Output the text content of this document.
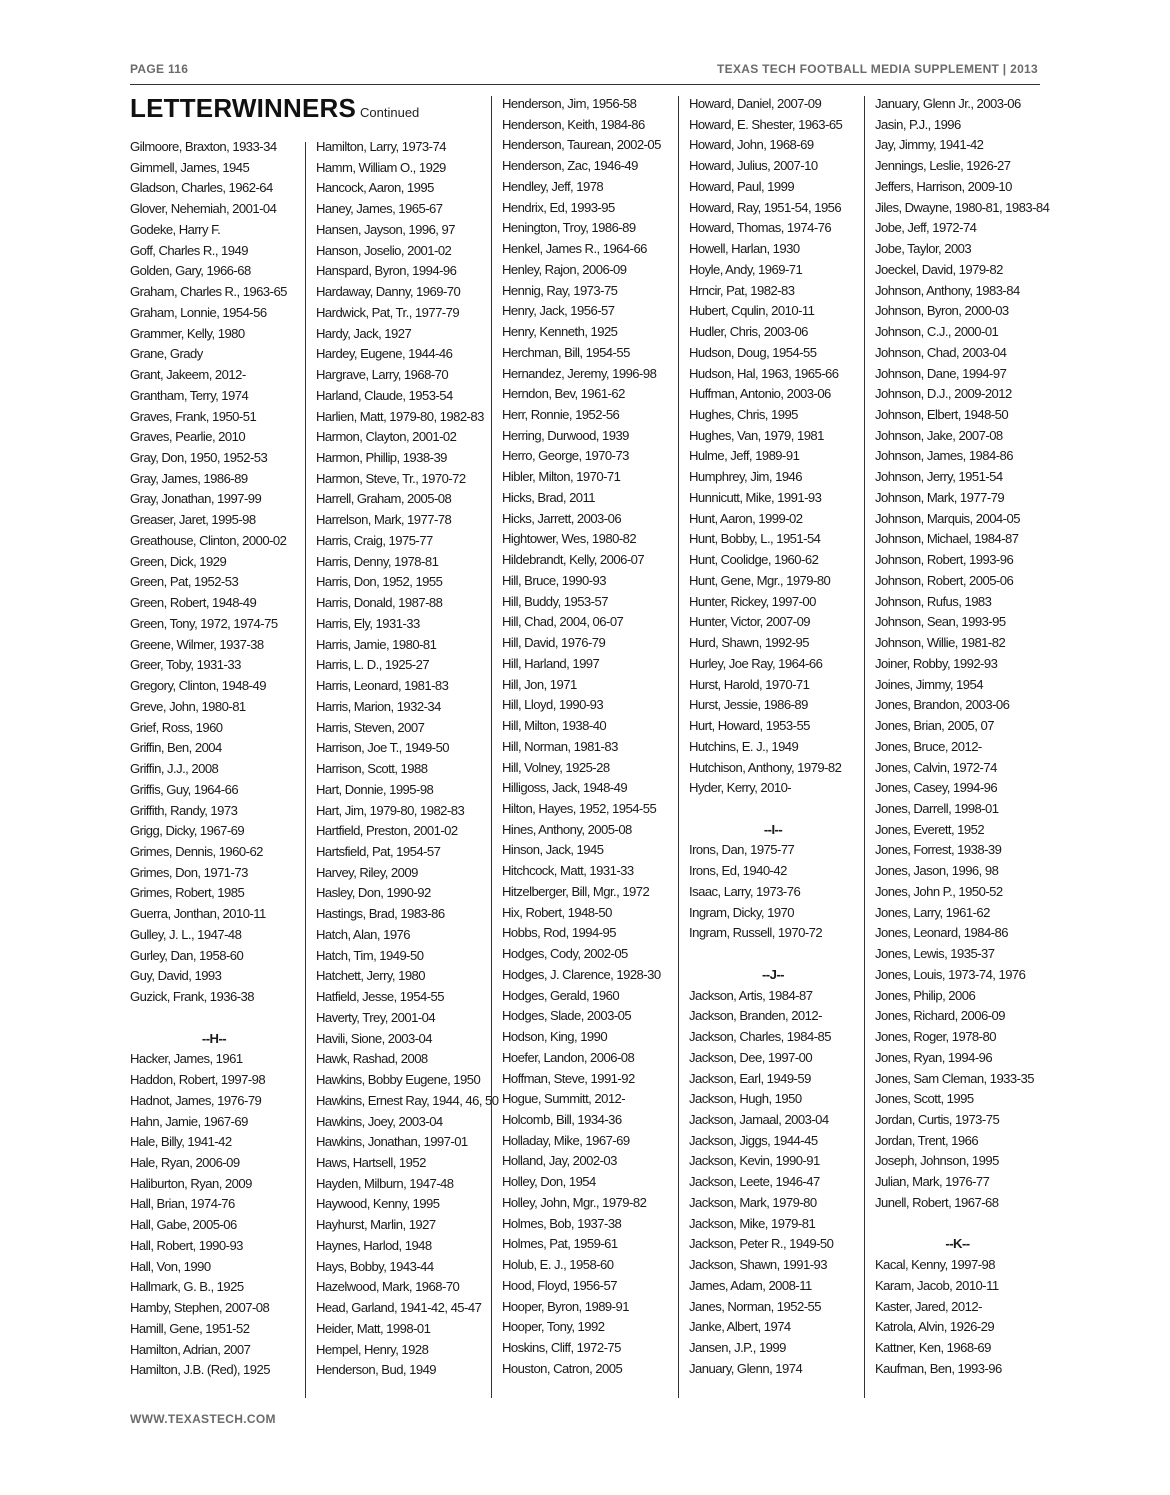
PAGE 116	TEXAS TECH FOOTBALL MEDIA SUPPLEMENT | 2013
LETTERWINNERS Continued
Gilmoore, Braxton, 1933-34
Gimmell, James, 1945
Gladson, Charles, 1962-64
Glover, Nehemiah, 2001-04
Godeke, Harry F.
Goff, Charles R., 1949
Golden, Gary, 1966-68
Graham, Charles R., 1963-65
Graham, Lonnie, 1954-56
Grammer, Kelly, 1980
Grane, Grady
Grant, Jakeem, 2012-
Grantham, Terry, 1974
Graves, Frank, 1950-51
Graves, Pearlie, 2010
Gray, Don, 1950, 1952-53
Gray, James, 1986-89
Gray, Jonathan, 1997-99
Greaser, Jaret, 1995-98
Greathouse, Clinton, 2000-02
Green, Dick, 1929
Green, Pat, 1952-53
Green, Robert, 1948-49
Green, Tony, 1972, 1974-75
Greene, Wilmer, 1937-38
Greer, Toby, 1931-33
Gregory, Clinton, 1948-49
Greve, John, 1980-81
Grief, Ross, 1960
Griffin, Ben, 2004
Griffin, J.J., 2008
Griffis, Guy, 1964-66
Griffith, Randy, 1973
Grigg, Dicky, 1967-69
Grimes, Dennis, 1960-62
Grimes, Don, 1971-73
Grimes, Robert, 1985
Guerra, Jonthan, 2010-11
Gulley, J. L., 1947-48
Gurley, Dan, 1958-60
Guy, David, 1993
Guzick, Frank, 1936-38
--H--
Hacker, James, 1961
Haddon, Robert, 1997-98
Hadnot, James, 1976-79
Hahn, Jamie, 1967-69
Hale, Billy, 1941-42
Hale, Ryan, 2006-09
Haliburton, Ryan, 2009
Hall, Brian, 1974-76
Hall, Gabe, 2005-06
Hall, Robert, 1990-93
Hall, Von, 1990
Hallmark, G. B., 1925
Hamby, Stephen, 2007-08
Hamill, Gene, 1951-52
Hamilton, Adrian, 2007
Hamilton, J.B. (Red), 1925
Hamilton, Larry, 1973-74
Hamm, William O., 1929
Hancock, Aaron, 1995
Haney, James, 1965-67
Hansen, Jayson, 1996, 97
Hanson, Joselio, 2001-02
Hanspard, Byron, 1994-96
Hardaway, Danny, 1969-70
Hardwick, Pat, Tr., 1977-79
Hardy, Jack, 1927
Hardey, Eugene, 1944-46
Hargrave, Larry, 1968-70
Harland, Claude, 1953-54
Harlien, Matt, 1979-80, 1982-83
Harmon, Clayton, 2001-02
Harmon, Phillip, 1938-39
Harmon, Steve, Tr., 1970-72
Harrell, Graham, 2005-08
Harrelson, Mark, 1977-78
Harris, Craig, 1975-77
Harris, Denny, 1978-81
Harris, Don, 1952, 1955
Harris, Donald, 1987-88
Harris, Ely, 1931-33
Harris, Jamie, 1980-81
Harris, L. D., 1925-27
Harris, Leonard, 1981-83
Harris, Marion, 1932-34
Harris, Steven, 2007
Harrison, Joe T., 1949-50
Harrison, Scott, 1988
Hart, Donnie, 1995-98
Hart, Jim, 1979-80, 1982-83
Hartfield, Preston, 2001-02
Hartsfield, Pat, 1954-57
Harvey, Riley, 2009
Hasley, Don, 1990-92
Hastings, Brad, 1983-86
Hatch, Alan, 1976
Hatch, Tim, 1949-50
Hatchett, Jerry, 1980
Hatfield, Jesse, 1954-55
Haverty, Trey, 2001-04
Havili, Sione, 2003-04
Hawk, Rashad, 2008
Hawkins, Bobby Eugene, 1950
Hawkins, Ernest Ray, 1944, 46, 50
Hawkins, Joey, 2003-04
Hawkins, Jonathan, 1997-01
Haws, Hartsell, 1952
Hayden, Milburn, 1947-48
Haywood, Kenny, 1995
Hayhurst, Marlin, 1927
Haynes, Harlod, 1948
Hays, Bobby, 1943-44
Hazelwood, Mark, 1968-70
Head, Garland, 1941-42, 45-47
Heider, Matt, 1998-01
Hempel, Henry, 1928
Henderson, Bud, 1949
Henderson, Jim, 1956-58
Henderson, Keith, 1984-86
Henderson, Taurean, 2002-05
Henderson, Zac, 1946-49
Hendley, Jeff, 1978
Hendrix, Ed, 1993-95
Henington, Troy, 1986-89
Henkel, James R., 1964-66
Henley, Rajon, 2006-09
Hennig, Ray, 1973-75
Henry, Jack, 1956-57
Henry, Kenneth, 1925
Herchman, Bill, 1954-55
Hernandez, Jeremy, 1996-98
Herndon, Bev, 1961-62
Herr, Ronnie, 1952-56
Herring, Durwood, 1939
Herro, George, 1970-73
Hibler, Milton, 1970-71
Hicks, Brad, 2011
Hicks, Jarrett, 2003-06
Hightower, Wes, 1980-82
Hildebrandt, Kelly, 2006-07
Hill, Bruce, 1990-93
Hill, Buddy, 1953-57
Hill, Chad, 2004, 06-07
Hill, David, 1976-79
Hill, Harland, 1997
Hill, Jon, 1971
Hill, Lloyd, 1990-93
Hill, Milton, 1938-40
Hill, Norman, 1981-83
Hill, Volney, 1925-28
Hilligoss, Jack, 1948-49
Hilton, Hayes, 1952, 1954-55
Hines, Anthony, 2005-08
Hinson, Jack, 1945
Hitchcock, Matt, 1931-33
Hitzelberger, Bill, Mgr., 1972
Hix, Robert, 1948-50
Hobbs, Rod, 1994-95
Hodges, Cody, 2002-05
Hodges, J. Clarence, 1928-30
Hodges, Gerald, 1960
Hodges, Slade, 2003-05
Hodson, King, 1990
Hoefer, Landon, 2006-08
Hoffman, Steve, 1991-92
Hogue, Summitt, 2012-
Holcomb, Bill, 1934-36
Holladay, Mike, 1967-69
Holland, Jay, 2002-03
Holley, Don, 1954
Holley, John, Mgr., 1979-82
Holmes, Bob, 1937-38
Holmes, Pat, 1959-61
Holub, E. J., 1958-60
Hood, Floyd, 1956-57
Hooper, Byron, 1989-91
Hooper, Tony, 1992
Hoskins, Cliff, 1972-75
Houston, Catron, 2005
Howard, Daniel, 2007-09
Howard, E. Shester, 1963-65
Howard, John, 1968-69
Howard, Julius, 2007-10
Howard, Paul, 1999
Howard, Ray, 1951-54, 1956
Howard, Thomas, 1974-76
Howell, Harlan, 1930
Hoyle, Andy, 1969-71
Hrncir, Pat, 1982-83
Hubert, Cqulin, 2010-11
Hudler, Chris, 2003-06
Hudson, Doug, 1954-55
Hudson, Hal, 1963, 1965-66
Huffman, Antonio, 2003-06
Hughes, Chris, 1995
Hughes, Van, 1979, 1981
Hulme, Jeff, 1989-91
Humphrey, Jim, 1946
Hunnicutt, Mike, 1991-93
Hunt, Aaron, 1999-02
Hunt, Bobby, L., 1951-54
Hunt, Coolidge, 1960-62
Hunt, Gene, Mgr., 1979-80
Hunter, Rickey, 1997-00
Hunter, Victor, 2007-09
Hurd, Shawn, 1992-95
Hurley, Joe Ray, 1964-66
Hurst, Harold, 1970-71
Hurst, Jessie, 1986-89
Hurt, Howard, 1953-55
Hutchins, E. J., 1949
Hutchison, Anthony, 1979-82
Hyder, Kerry, 2010-
--I--
Irons, Dan, 1975-77
Irons, Ed, 1940-42
Isaac, Larry, 1973-76
Ingram, Dicky, 1970
Ingram, Russell, 1970-72
--J--
Jackson, Artis, 1984-87
Jackson, Branden, 2012-
Jackson, Charles, 1984-85
Jackson, Dee, 1997-00
Jackson, Earl, 1949-59
Jackson, Hugh, 1950
Jackson, Jamaal, 2003-04
Jackson, Jiggs, 1944-45
Jackson, Kevin, 1990-91
Jackson, Leete, 1946-47
Jackson, Mark, 1979-80
Jackson, Mike, 1979-81
Jackson, Peter R., 1949-50
Jackson, Shawn, 1991-93
James, Adam, 2008-11
Janes, Norman, 1952-55
Janke, Albert, 1974
Jansen, J.P., 1999
January, Glenn, 1974
January, Glenn Jr., 2003-06
Jasin, P.J., 1996
Jay, Jimmy, 1941-42
Jennings, Leslie, 1926-27
Jeffers, Harrison, 2009-10
Jiles, Dwayne, 1980-81, 1983-84
Jobe, Jeff, 1972-74
Jobe, Taylor, 2003
Joeckel, David, 1979-82
Johnson, Anthony, 1983-84
Johnson, Byron, 2000-03
Johnson, C.J., 2000-01
Johnson, Chad, 2003-04
Johnson, Dane, 1994-97
Johnson, D.J., 2009-2012
Johnson, Elbert, 1948-50
Johnson, Jake, 2007-08
Johnson, James, 1984-86
Johnson, Jerry, 1951-54
Johnson, Mark, 1977-79
Johnson, Marquis, 2004-05
Johnson, Michael, 1984-87
Johnson, Robert, 1993-96
Johnson, Robert, 2005-06
Johnson, Rufus, 1983
Johnson, Sean, 1993-95
Johnson, Willie, 1981-82
Joiner, Robby, 1992-93
Joines, Jimmy, 1954
Jones, Brandon, 2003-06
Jones, Brian, 2005, 07
Jones, Bruce, 2012-
Jones, Calvin, 1972-74
Jones, Casey, 1994-96
Jones, Darrell, 1998-01
Jones, Everett, 1952
Jones, Forrest, 1938-39
Jones, Jason, 1996, 98
Jones, John P., 1950-52
Jones, Larry, 1961-62
Jones, Leonard, 1984-86
Jones, Lewis, 1935-37
Jones, Louis, 1973-74, 1976
Jones, Philip, 2006
Jones, Richard, 2006-09
Jones, Roger, 1978-80
Jones, Ryan, 1994-96
Jones, Sam Cleman, 1933-35
Jones, Scott, 1995
Jordan, Curtis, 1973-75
Jordan, Trent, 1966
Joseph, Johnson, 1995
Julian, Mark, 1976-77
Junell, Robert, 1967-68
--K--
Kacal, Kenny, 1997-98
Karam, Jacob, 2010-11
Kaster, Jared, 2012-
Katrola, Alvin, 1926-29
Kattner, Ken, 1968-69
Kaufman, Ben, 1993-96
WWW.TEXASTECH.COM
